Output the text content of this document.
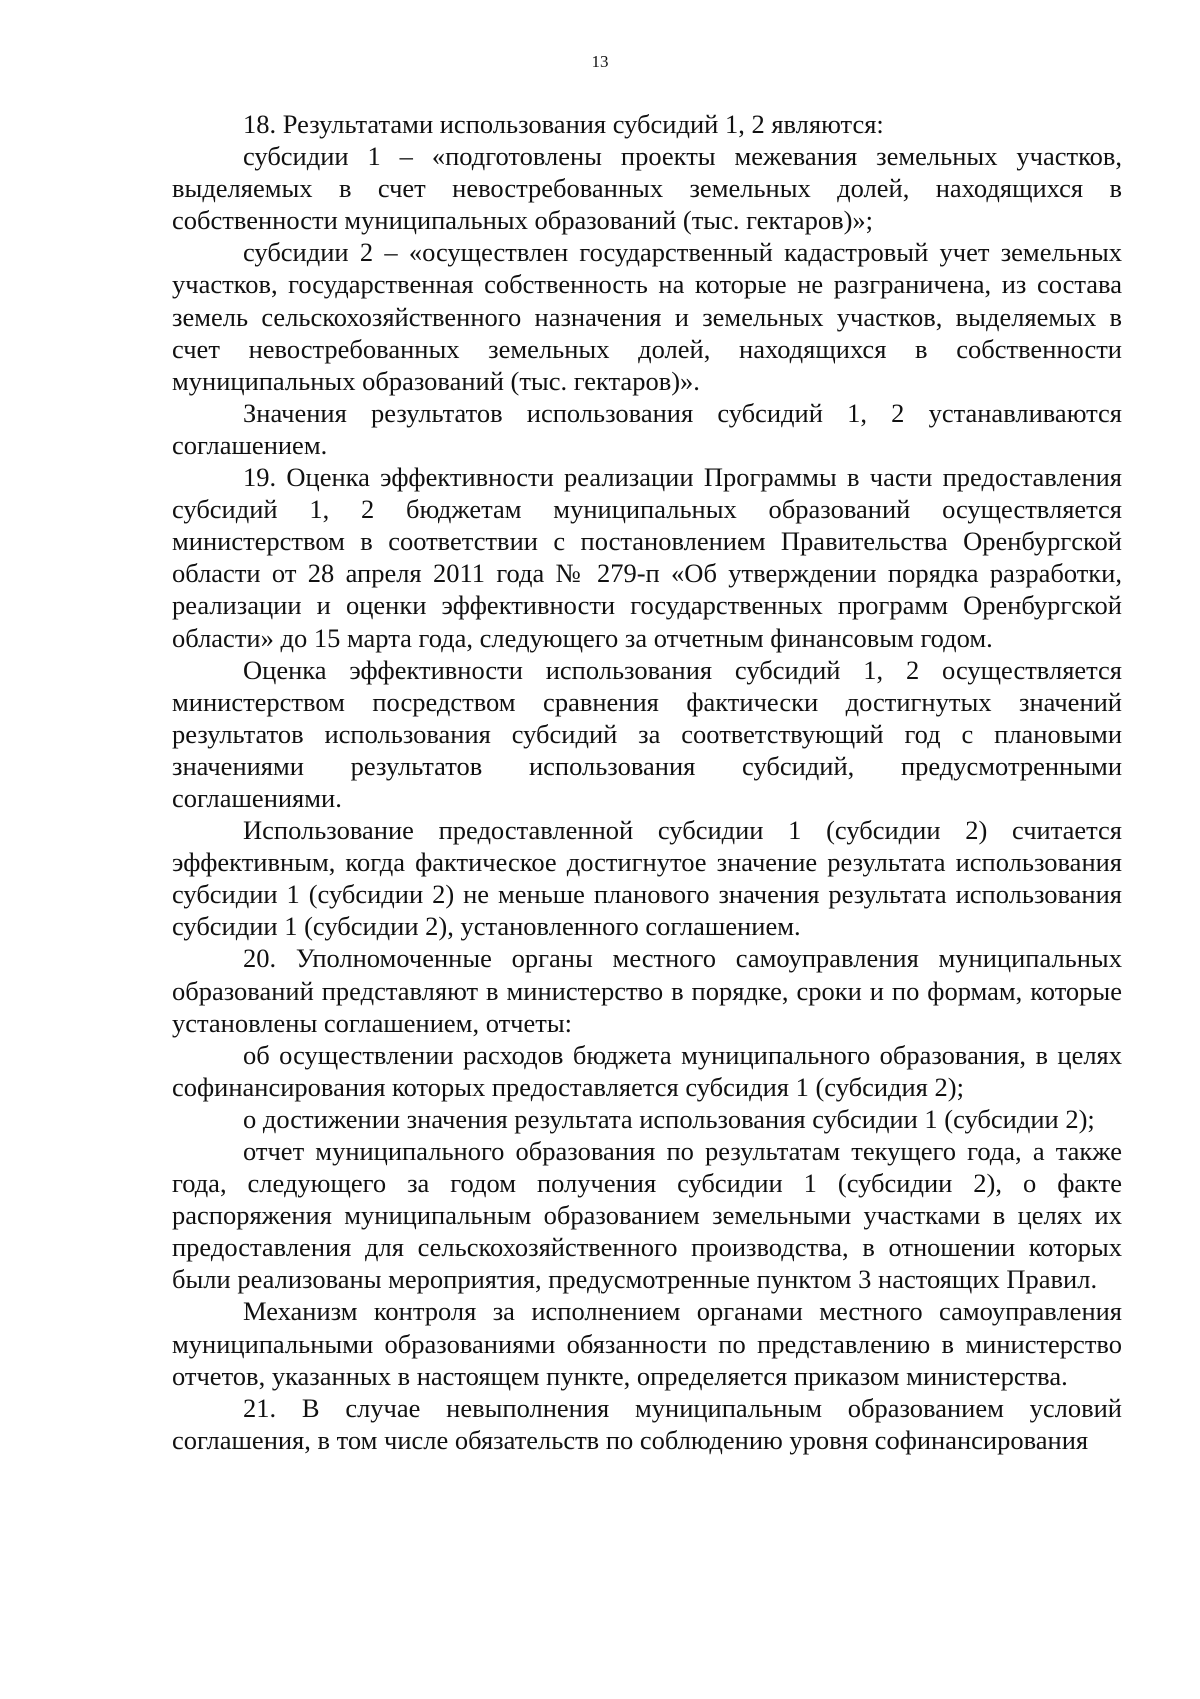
13

18. Результатами использования субсидий 1, 2 являются:

субсидии 1 – «подготовлены проекты межевания земельных участков, выделяемых в счет невостребованных земельных долей, находящихся в собственности муниципальных образований (тыс. гектаров)»;

субсидии 2 – «осуществлен государственный кадастровый учет земельных участков, государственная собственность на которые не разграничена, из состава земель сельскохозяйственного назначения и земельных участков, выделяемых в счет невостребованных земельных долей, находящихся в собственности муниципальных образований (тыс. гектаров)».

Значения результатов использования субсидий 1, 2 устанавливаются соглашением.

19. Оценка эффективности реализации Программы в части предоставления субсидий 1, 2 бюджетам муниципальных образований осуществляется министерством в соответствии с постановлением Правительства Оренбургской области от 28 апреля 2011 года № 279-п «Об утверждении порядка разработки, реализации и оценки эффективности государственных программ Оренбургской области» до 15 марта года, следующего за отчетным финансовым годом.

Оценка эффективности использования субсидий 1, 2 осуществляется министерством посредством сравнения фактически достигнутых значений результатов использования субсидий за соответствующий год с плановыми значениями результатов использования субсидий, предусмотренными соглашениями.

Использование предоставленной субсидии 1 (субсидии 2) считается эффективным, когда фактическое достигнутое значение результата использования субсидии 1 (субсидии 2) не меньше планового значения результата использования субсидии 1 (субсидии 2), установленного соглашением.

20. Уполномоченные органы местного самоуправления муниципальных образований представляют в министерство в порядке, сроки и по формам, которые установлены соглашением, отчеты:

об осуществлении расходов бюджета муниципального образования, в целях софинансирования которых предоставляется субсидия 1 (субсидия 2);

о достижении значения результата использования субсидии 1 (субсидии 2);

отчет муниципального образования по результатам текущего года, а также года, следующего за годом получения субсидии 1 (субсидии 2), о факте распоряжения муниципальным образованием земельными участками в целях их предоставления для сельскохозяйственного производства, в отношении которых были реализованы мероприятия, предусмотренные пунктом 3 настоящих Правил.

Механизм контроля за исполнением органами местного самоуправления муниципальными образованиями обязанности по представлению в министерство отчетов, указанных в настоящем пункте, определяется приказом министерства.

21. В случае невыполнения муниципальным образованием условий соглашения, в том числе обязательств по соблюдению уровня софинансирования
